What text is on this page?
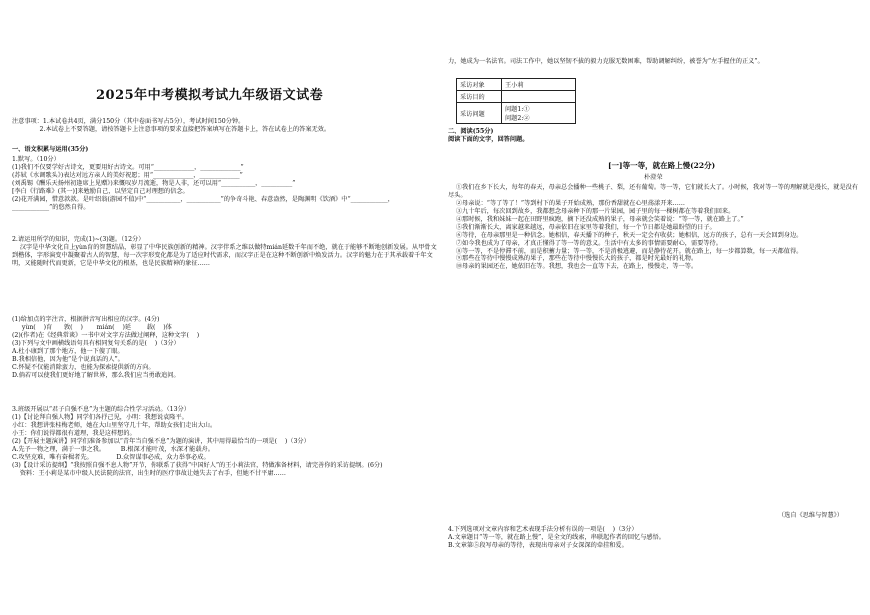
2025年中考模拟考试九年级语文试卷
注意事项：1.本试卷共4页，满分150分（其中卷面书写占5分），考试时间150分钟。
2.本试卷上不要答题，请按答题卡上注意事项的要求直接把答案填写在答题卡上，答在试卷上的答案无效。
一、语文积累与运用(35分)
1.默写。（10分）
(1)我们不仅要学好古诗文，更要用好古诗文。可用“_____________，_____________”
(苏轼《水调歌头》)表达对远方亲人的美好祝愿；用“_____________，_____________”
(刘禹锡《酬乐天扬州初逢席上见赠》)来慨叹岁月流逝，物是人非，还可以用“___________，__________”
[李白《行路难》(其一)]来勉励自己，以坚定自己对理想的信念。
(2)花开满园，惜意款款。是叶绍翁(游园不值)中“___________，___________”的争奇斗艳、春意盎然，是陶渊明《饮酒》中“____________，____________”的悠然自得。
2.请运用所学的知识，完成(1)~(3)题。（12分）
汉字是中华文化自上yùn育的智慧结晶，彰显了中华民族创新的精神。汉字伴系之维以做特mián延数千年而不绝，就在于能够不断地创新发展。从甲骨文到楷体，字形演变中凝聚着古人的智慧，每一次字形变化都是为了适应时代需求，而汉字正是在这种不断创新中焕发活力。汉字的魅力在于其承载着千年文明，又能随时代而更新，它是中华文化的根基，也是民族精神的象征……
(1)给加点的字注音，根据拼音写出相应的汉字。(4分)
yùn(    )育      敦(    )       mián(    )延        载(    )体
(2)(作者)在《经典常谈》一书中对文字方法做过阐释，这种文字(    )
(3)下列与文中画横线语句具有相同复句关系的是(    )（3分）
A.杜小康到了那个地方，他一下傻了眼。
B.我相信他，因为他“是个说真话的人”。
C.怀疑不仅能消除蛮力，也能为探索提供新的方向。
D.倘若可以使我们更好地了解世界，那么我们应当勇敢追问。
3.班级开展以“君子自强不息”为主题的综合性学习活动。（13分）
(1)【讨论拜自强人物】同学们各抒己见，小明：我想说袁隆平。
小红：我想讲张桂梅老师，她在大山里坚守几十年，帮助女孩们走出大山。
小王：你们说得都很有道理，我是这样想的。
(2)【开展主题演讲】同学们准备参加以“青年当自强不息”为题的演讲，其中用得最恰当的一项是(    )（3分）
A.先予一物之理，满于一事之我。        B.根深才能叶茂，水深才能载舟。
C.攻坚克难，唯有奋楫者先。            D.众智谋事必成，众力举事必成。
(3)【设计采访提纲】“我按照自强不息人物”开节，你联系了获得“中国好人”的王小莉法官，特做准备材料，请完善你的采访提纲。(6分)
资料：王小莉是某市中级人民法院的法官，出生时的医疗事故让她失去了右手，但她不甘平庸……
力，她成为一名法官。司法工作中，她以坚韧不拔的毅力克服无数困难，帮助调解纠纷，被誉为“左手握住的正义”。
采访对象	王小莉
采访目的	
采访问题	问题1:①
问题2:②
二、阅读(55分)
阅读下面的文字，回答问题。
[一]等一等，就在路上慢(22分)
朴澄荣
①我们在乡下长大，每年的春天，母亲总会播种一些桃子、梨，还有葡萄。等一等，它们就长大了。小时候，我对等一等的理解就是漫长，就是没有尽头。
②母亲说：“等了等了！”等到村下的果子开始成熟，那份香甜就在心里荡漾开来……
③九十年后，每次回到故乡，我都想念母亲种下的那一片果园，园子里的每一棵树都在等着我们回来。
④那时候，我和妹妹一起在田野里疯跑，摘下还没成熟的果子，母亲就会笑着说：“等一等，就在路上了。”
⑤我们渐渐长大，离家越来越远，母亲依旧在家里等着我们，每一个节日都是她最盼望的日子。
⑥等待，在母亲那里是一种信念。她相信，春天播下的种子，秋天一定会有收获；她相信，远方的孩子，总有一天会回到身边。
⑦如今我也成为了母亲，才真正懂得了等一等的意义。生活中有太多的事情需要耐心，需要等待。
⑧等一等，不是停滞不前，而是积蓄力量；等一等，不是消极逃避，而是静待花开。就在路上，每一步都算数，每一天都值得。
⑨那些在等待中慢慢成熟的果子，那些在等待中慢慢长大的孩子，都是时光最好的礼物。
⑩母亲的果园还在，她依旧在等。我想，我也会一直等下去，在路上，慢慢走，等一等。
（选自《思维与智慧》）
4.下列选项对文章内容和艺术表现手法分析有误的一项是(    )（3分）
A.文章题目“等一等，就在路上慢”，是全文的线索，串联起作者的回忆与感悟。
B.文章第⑤段写母亲的等待，表现出母亲对子女深深的牵挂和爱。
